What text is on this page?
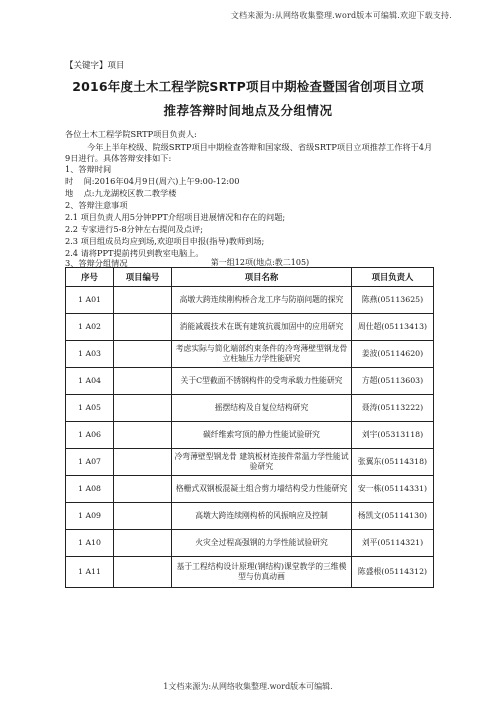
文档来源为:从网络收集整理.word版本可编辑.欢迎下载支持.
【关键字】项目
2016年度土木工程学院SRTP项目中期检查暨国省创项目立项
推荐答辩时间地点及分组情况
各位土木工程学院SRTP项目负责人:
今年上半年校级、院级SRTP项目中期检查答辩和国家级、省级SRTP项目立项推荐工作将于4月9日进行。具体答辩安排如下:
1、答辩时间
时    间:2016年04月9日(周六)上午9:00-12:00
地    点:九龙湖校区教二教学楼
2、答辩注意事项
2.1 项目负责人用5分钟PPT介绍项目进展情况和存在的问题;
2.2 专家进行5-8分钟左右提问及点评;
2.3 项目组成员均应到场,欢迎项目申报(指导)教师到场;
2.4 请将PPT提前拷贝到教室电脑上。
3、答辩分组情况	第一组12项(地点:教二105)
序号	项目编号	项目名称	项目负责人
1 A01		高墩大跨连续刚构桥合龙工序与防崩问题的探究	陈燕(05113625)
1 A02		消能减震技术在既有建筑抗震加固中的应用研究	周仕超(05113413)
1 A03		考虑实际与简化端部约束条件的冷弯薄壁型钢龙骨立柱轴压力学性能研究	姜波(05114620)
1 A04		关于C型截面不锈钢构件的受弯承载力性能研究	方超(05113603)
1 A05		摇摆结构及自复位结构研究	聂涛(05113222)
1 A06		碳纤维索穹顶的静力性能试验研究	刘宇(05313118)
1 A07		冷弯薄壁型钢龙骨 建筑板材连接件常温力学性能试验研究	张翼东(05114318)
1 A08		格栅式双钢板混凝土组合剪力墙结构受力性能研究	安一栋(05114331)
1 A09		高墩大跨连续刚构桥的风振响应及控制	杨凯文(05114130)
1 A10		火灾全过程高强钢的力学性能试验研究	刘平(05114321)
1 A11		基于工程结构设计原理(钢结构)课堂教学的三维模型与仿真动画	陈盛根(05114312)
1文档来源为:从网络收集整理.word版本可编辑.
